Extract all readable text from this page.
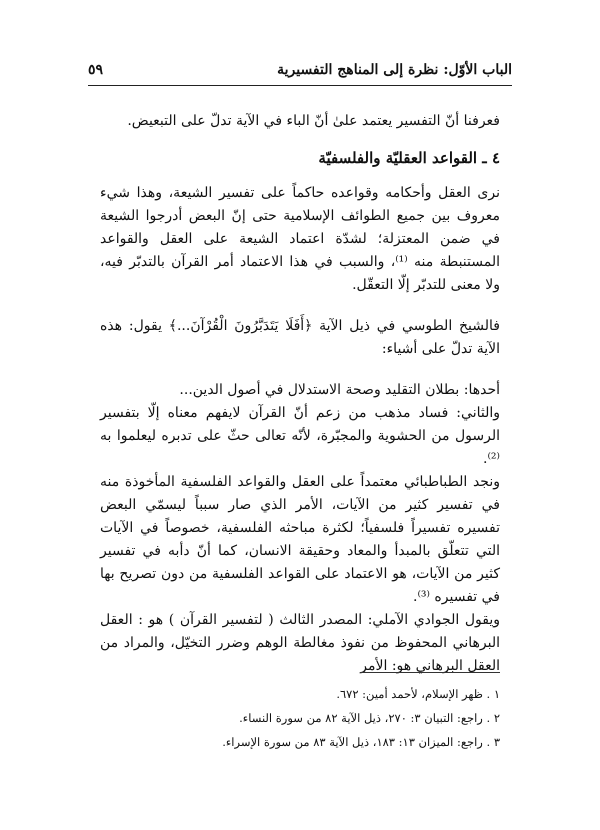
الباب الأوّل: نظرة إلى المناهج التفسيرية
٥٩

فعرفنا أنّ التفسير يعتمد علىٰ أنّ الباء في الآية تدلّ على التبعيض.

٤ ـ القواعد العقليّة والفلسفيّة

نرى العقل وأحكامه وقواعده حاكماً على تفسير الشيعة، وهذا شيء معروف بين جميع الطوائف الإسلامية حتى إنّ البعض أدرجوا الشيعة في ضمن المعتزلة؛ لشدّة اعتماد الشيعة على العقل والقواعد المستنبطة منه ⁽¹⁾، والسبب في هذا الاعتماد أمر القرآن بالتدبّر فيه، ولا معنى للتدبّر إلّا التعقّل.

فالشيخ الطوسي في ذيل الآية ﴿أَفَلَا يَتَدَبَّرُونَ الْقُرْآنَ...﴾ يقول: هذه الآية تدلّ على أشياء:

أحدها: بطلان التقليد وصحة الاستدلال في أصول الدين...

والثاني: فساد مذهب من زعم أنّ القرآن لايفهم معناه إلّا بتفسير الرسول من الحشوية والمجبّرة، لأنّه تعالى حثّ على تدبره ليعلموا به ⁽²⁾.

ونجد الطباطبائي معتمداً على العقل والقواعد الفلسفية المأخوذة منه في تفسير كثير من الآيات، الأمر الذي صار سبباً ليسمّي البعض تفسيره تفسيراً فلسفياً؛ لكثرة مباحثه الفلسفية، خصوصاً في الآيات التي تتعلّق بالمبدأ والمعاد وحقيقة الانسان، كما أنّ دأبه في تفسير كثير من الآيات، هو الاعتماد على القواعد الفلسفية من دون تصريح بها في تفسيره ⁽³⁾.

ويقول الجوادي الآملي: المصدر الثالث ( لتفسير القرآن ) هو : العقل البرهاني المحفوظ من نفوذ مغالطة الوهم وضرر التخيّل، والمراد من العقل البرهاني هو: الأمر

١ . ظهر الإسلام، لأحمد أمين: ٦٧٢.
٢ . راجع: التبيان ٣: ٢٧٠، ذيل الآية ٨٢ من سورة النساء.
٣ . راجع: الميزان ١٣: ١٨٣، ذيل الآية ٨٣ من سورة الإسراء.
